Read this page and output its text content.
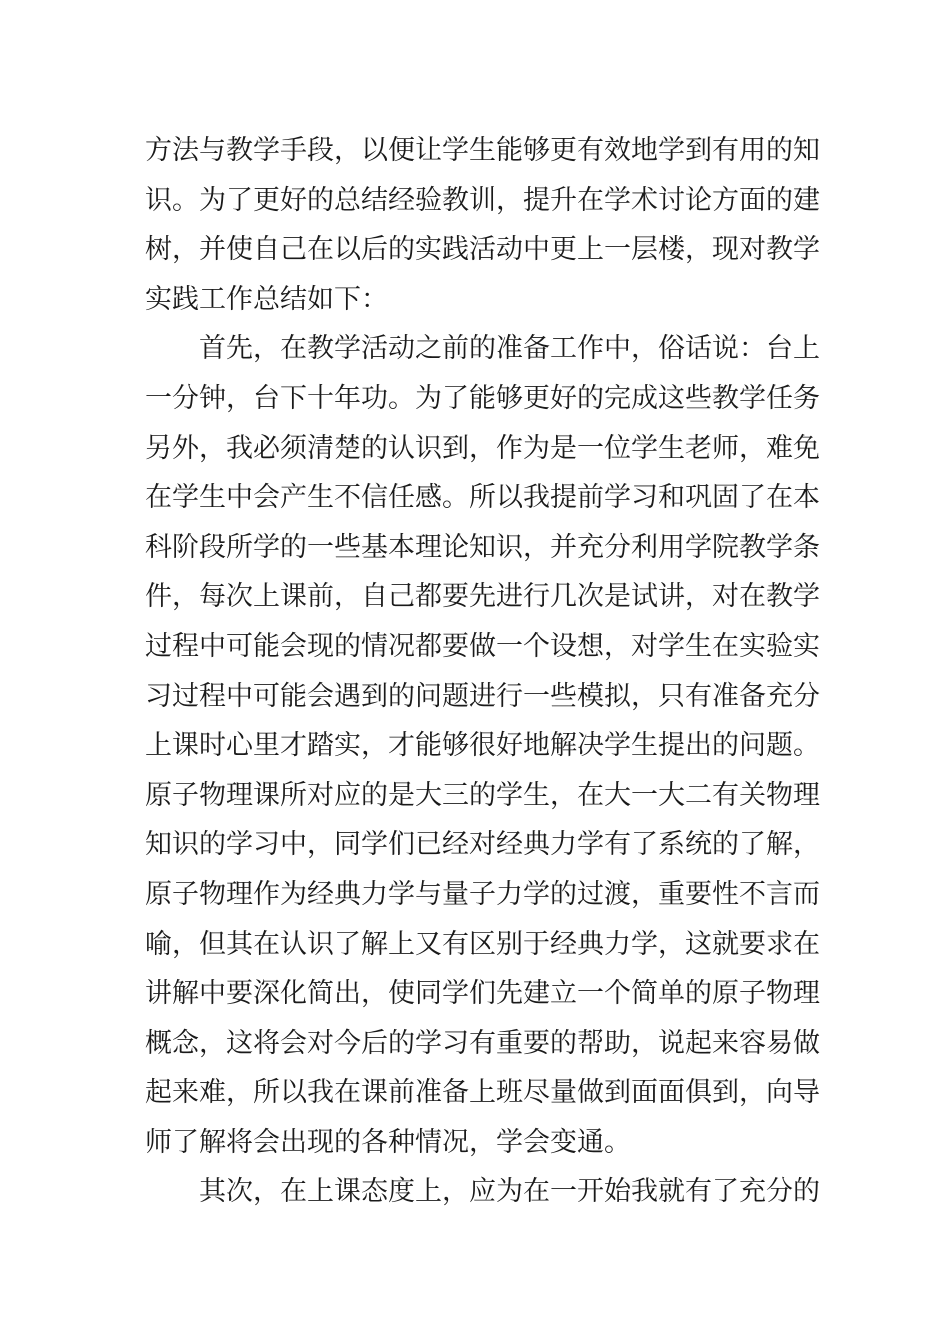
方法与教学手段，以便让学生能够更有效地学到有用的知
识。为了更好的总结经验教训，提升在学术讨论方面的建
树，并使自己在以后的实践活动中更上一层楼，现对教学
实践工作总结如下：
首先，在教学活动之前的准备工作中，俗话说：台上
一分钟，台下十年功。为了能够更好的完成这些教学任务
另外，我必须清楚的认识到，作为是一位学生老师，难免
在学生中会产生不信任感。所以我提前学习和巩固了在本
科阶段所学的一些基本理论知识，并充分利用学院教学条
件，每次上课前，自己都要先进行几次是试讲，对在教学
过程中可能会现的情况都要做一个设想，对学生在实验实
习过程中可能会遇到的问题进行一些模拟，只有准备充分
上课时心里才踏实，才能够很好地解决学生提出的问题。
原子物理课所对应的是大三的学生，在大一大二有关物理
知识的学习中，同学们已经对经典力学有了系统的了解，
原子物理作为经典力学与量子力学的过渡，重要性不言而
喻，但其在认识了解上又有区别于经典力学，这就要求在
讲解中要深化简出，使同学们先建立一个简单的原子物理
概念，这将会对今后的学习有重要的帮助，说起来容易做
起来难，所以我在课前准备上班尽量做到面面俱到，向导
师了解将会出现的各种情况，学会变通。
其次，在上课态度上，应为在一开始我就有了充分的
